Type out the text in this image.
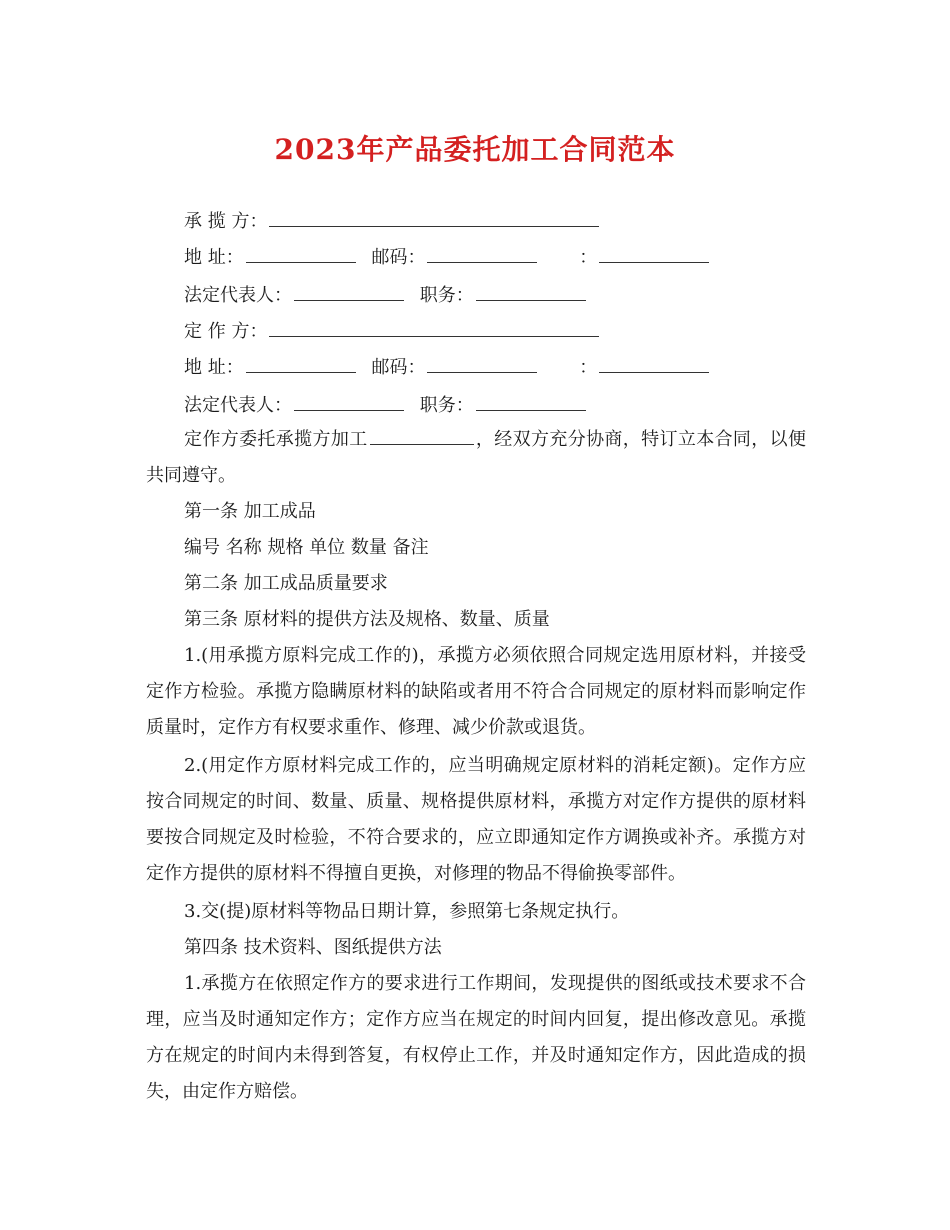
2023年产品委托加工合同范本
承 揽 方：
地 址：	邮码：	：
法定代表人：	职务：
定 作 方：
地 址：	邮码：	：
法定代表人：	职务：
定作方委托承揽方加工	，经双方充分协商，特订立本合同，以便共同遵守。
第一条 加工成品
编号 名称 规格 单位 数量 备注
第二条 加工成品质量要求
第三条 原材料的提供方法及规格、数量、质量
1.(用承揽方原料完成工作的)，承揽方必须依照合同规定选用原材料，并接受定作方检验。承揽方隐瞒原材料的缺陷或者用不符合合同规定的原材料而影响定作质量时，定作方有权要求重作、修理、减少价款或退货。
2.(用定作方原材料完成工作的，应当明确规定原材料的消耗定额)。定作方应按合同规定的时间、数量、质量、规格提供原材料，承揽方对定作方提供的原材料要按合同规定及时检验，不符合要求的，应立即通知定作方调换或补齐。承揽方对定作方提供的原材料不得擅自更换，对修理的物品不得偷换零部件。
3.交(提)原材料等物品日期计算，参照第七条规定执行。
第四条 技术资料、图纸提供方法
1.承揽方在依照定作方的要求进行工作期间，发现提供的图纸或技术要求不合理，应当及时通知定作方；定作方应当在规定的时间内回复，提出修改意见。承揽方在规定的时间内未得到答复，有权停止工作，并及时通知定作方，因此造成的损失，由定作方赔偿。
